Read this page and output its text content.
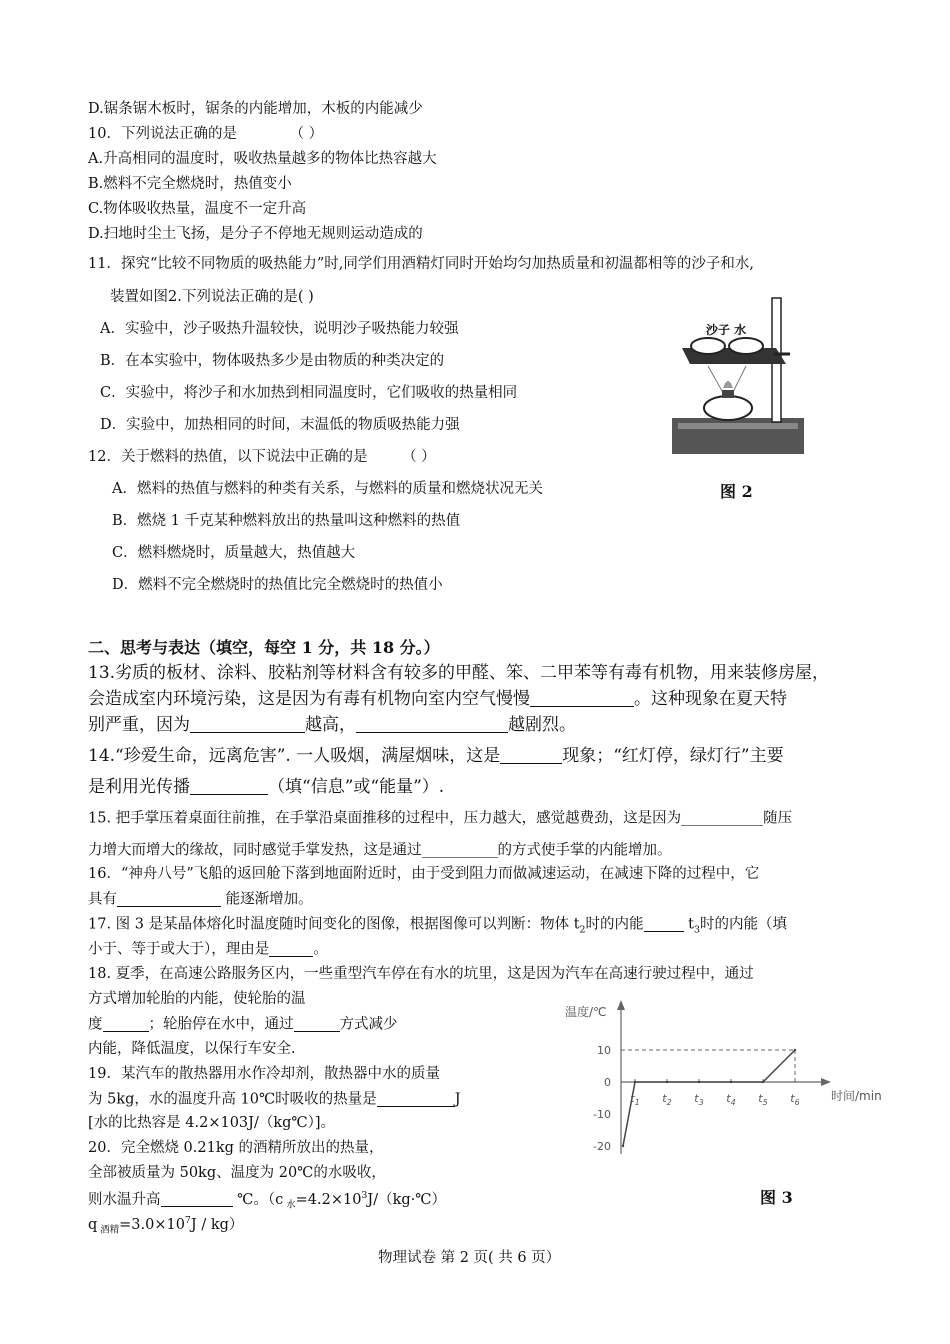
D.锯条锯木板时，锯条的内能增加，木板的内能减少
10．下列说法正确的是	（ ）
A.升高相同的温度时，吸收热量越多的物体比热容越大
B.燃料不完全燃烧时，热值变小
C.物体吸收热量，温度不一定升高
D.扫地时尘土飞扬，是分子不停地无规则运动造成的
11．探究“比较不同物质的吸热能力”时,同学们用酒精灯同时开始均匀加热质量和初温都相等的沙子和水,
装置如图2.下列说法正确的是( )
A．实验中，沙子吸热升温较快，说明沙子吸热能力较强
B．在本实验中，物体吸热多少是由物质的种类决定的
C．实验中，将沙子和水加热到相同温度时，它们吸收的热量相同
D．实验中，加热相同的时间，末温低的物质吸热能力强
沙子 水
图 2
12．关于燃料的热值，以下说法中正确的是 （ ）
A．燃料的热值与燃料的种类有关系，与燃料的质量和燃烧状况无关
B．燃烧 1 千克某种燃料放出的热量叫这种燃料的热值
C．燃料燃烧时，质量越大，热值越大
D．燃料不完全燃烧时的热值比完全燃烧时的热值小
二、思考与表达（填空，每空 1 分，共 18 分。）
13.劣质的板材、涂料、胶粘剂等材料含有较多的甲醛、笨、二甲苯等有毒有机物，用来装修房屋，
会造成室内环境污染，这是因为有毒有机物向室内空气慢慢	。这种现象在夏天特
别严重，因为	越高，	越剧烈。
14.“珍爱生命，远离危害”. 一人吸烟，满屋烟味，这是	现象；“红灯停，绿灯行”主要
是利用光传播	（填“信息”或“能量”）.
15. 把手掌压着桌面往前推，在手掌沿桌面推移的过程中，压力越大，感觉越费劲，这是因为	随压
力增大而增大的缘故，同时感觉手掌发热，这是通过	的方式使手掌的内能增加。
16．“神舟八号”飞船的返回舱下落到地面附近时，由于受到阻力而做减速运动，在减速下降的过程中，它
具有	能逐渐增加。
17. 图 3 是某晶体熔化时温度随时间变化的图像，根据图像可以判断：物体 $t_2$时的内能	$t_3$时的内能（填
小于、等于或大于），理由是	。
18. 夏季，在高速公路服务区内，一些重型汽车停在有水的坑里，这是因为汽车在高速行驶过程中，通过
方式增加轮胎的内能，使轮胎的温
度	；轮胎停在水中，通过	方式减少
内能，降低温度，以保行车安全.
19．某汽车的散热器用水作冷却剂，散热器中水的质量
为 5kg，水的温度升高 10℃时吸收的热量是	J
[水的比热容是 4.2×103J/（kg℃）]。
20．完全燃烧 0.21kg 的酒精所放出的热量，
全部被质量为 50kg、温度为 20℃的水吸收，
则水温升高	℃。（c $_水=4.2\times 10^3J/(kg\cdot℃)$
q $_{酒精}=3.0\times 10^7J / kg$）
温度/℃
时间/min
10
0
-10
-20
$t_1$ $t_2$ $t_3$ $t_4$ $t_5$ $t_6$
图 3
物理试卷 第 2 页( 共 6 页）
